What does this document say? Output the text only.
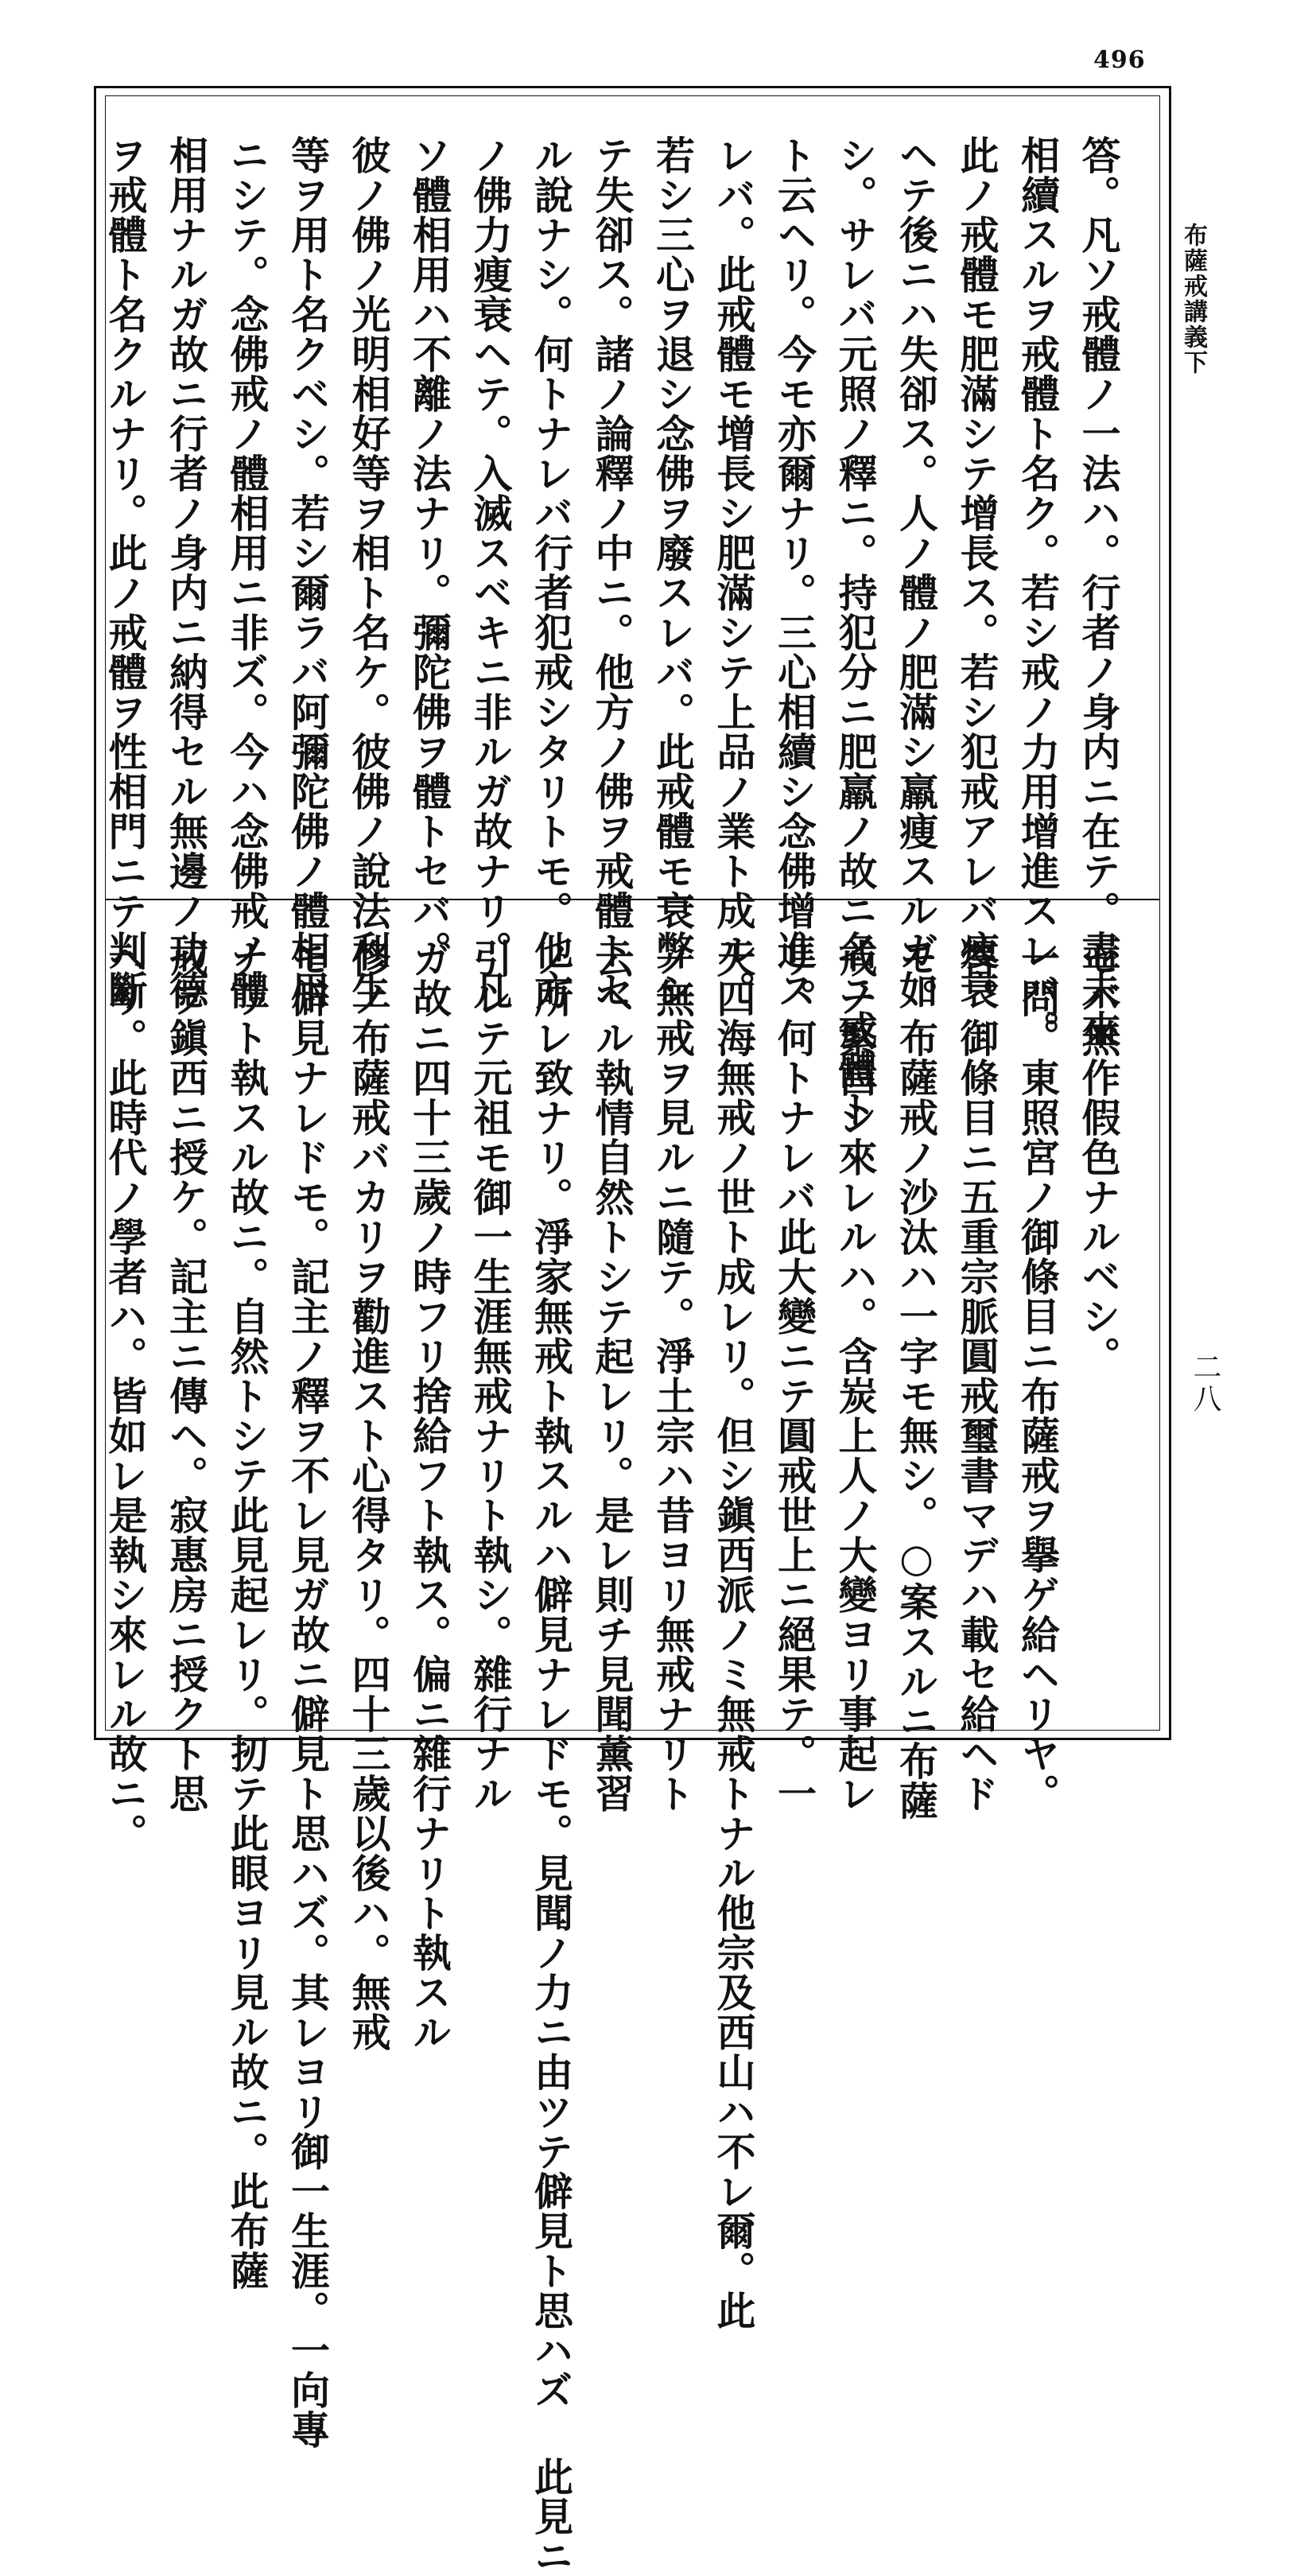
496
布薩戒講義下
二八
答。凡ソ戒體ノ一法ハ。行者ノ身内ニ在テ。盡未來
相續スルヲ戒體ト名ク。若シ戒ノ力用增進スレバ。
此ノ戒體モ肥滿シテ增長ス。若シ犯戒アレバ痩衰
ヘテ後ニハ失卻ス。人ノ體ノ肥滿シ羸痩スルガ如
シ。サレバ元照ノ釋ニ。持犯分ニ肥羸ノ故ニ名ニ戒體ト
ト云ヘリ。今モ亦爾ナリ。三心相續シ念佛增進ス
レバ。此戒體モ增長シ肥滿シテ上品ノ業ト成ル。
若シ三心ヲ退シ念佛ヲ廢スレバ。此戒體モ衰弊シ
テ失卻ス。諸ノ論釋ノ中ニ。他方ノ佛ヲ戒體トセ
ル說ナシ。何トナレバ行者犯戒シタリトモ。他方
ノ佛力痩衰ヘテ。入滅スベキニ非ルガ故ナリ。凡
ソ體相用ハ不離ノ法ナリ。彌陀佛ヲ體トセバ。
彼ノ佛ノ光明相好等ヲ相ト名ケ。彼佛ノ說法利生
等ヲ用ト名クベシ。若シ爾ラバ阿彌陀佛ノ體相用
ニシテ。念佛戒ノ體相用ニ非ズ。今ハ念佛戒ノ體
相用ナルガ故ニ行者ノ身内ニ納得セル無邊ノ功德
ヲ戒體ト名クルナリ。此ノ戒體ヲ性相門ニテ判斷
セバ無作假色ナルベシ。
一問。東照宮ノ御條目ニ布薩戒ヲ擧ゲ給ヘリヤ。
答。御條目ニ五重宗脈圓戒璽書マデハ載セ給ヘド
モ。布薩戒ノ沙汰ハ一字モ無シ。○案スルニ布薩
戒ノ繁昌シ來レルハ。含炭上人ノ大變ヨリ事起レ
リ。何トナレバ此大變ニテ圓戒世上ニ絕果テ。一
天四海無戒ノ世ト成レリ。但シ鎭西派ノミ無戒トナル他宗及西山ハ不レ爾。此
ノ無戒ヲ見ルニ隨テ。淨土宗ハ昔ヨリ無戒ナリト
云ヘル執情自然トシテ起レリ。是レ則チ見聞薰習
ノ所レ致ナリ。淨家無戒ト執スルハ僻見ナレドモ。見聞ノ力ニ由ツテ僻見ト思ハズ 此見ニ
引レテ元祖モ御一生涯無戒ナリト執シ。雜行ナル
ガ故ニ四十三歲ノ時フリ捨給フト執ス。偏ニ雜行ナリト執スル
修ノ布薩戒バカリヲ勸進スト心得タリ。四十三歲以後ハ。無戒
モ僻見ナレドモ。記主ノ釋ヲ不レ見ガ故ニ僻見ト思ハズ。其レヨリ御一生涯。一向專
ナリト執スル故ニ。自然トシテ此見起レリ。扨テ此眼ヨリ見ル故ニ。此布薩
戒ヲ鎭西ニ授ケ。記主ニ傳ヘ。寂惠房ニ授クト思
ヘリ。此時代ノ學者ハ。皆如レ是執シ來レル故ニ。
